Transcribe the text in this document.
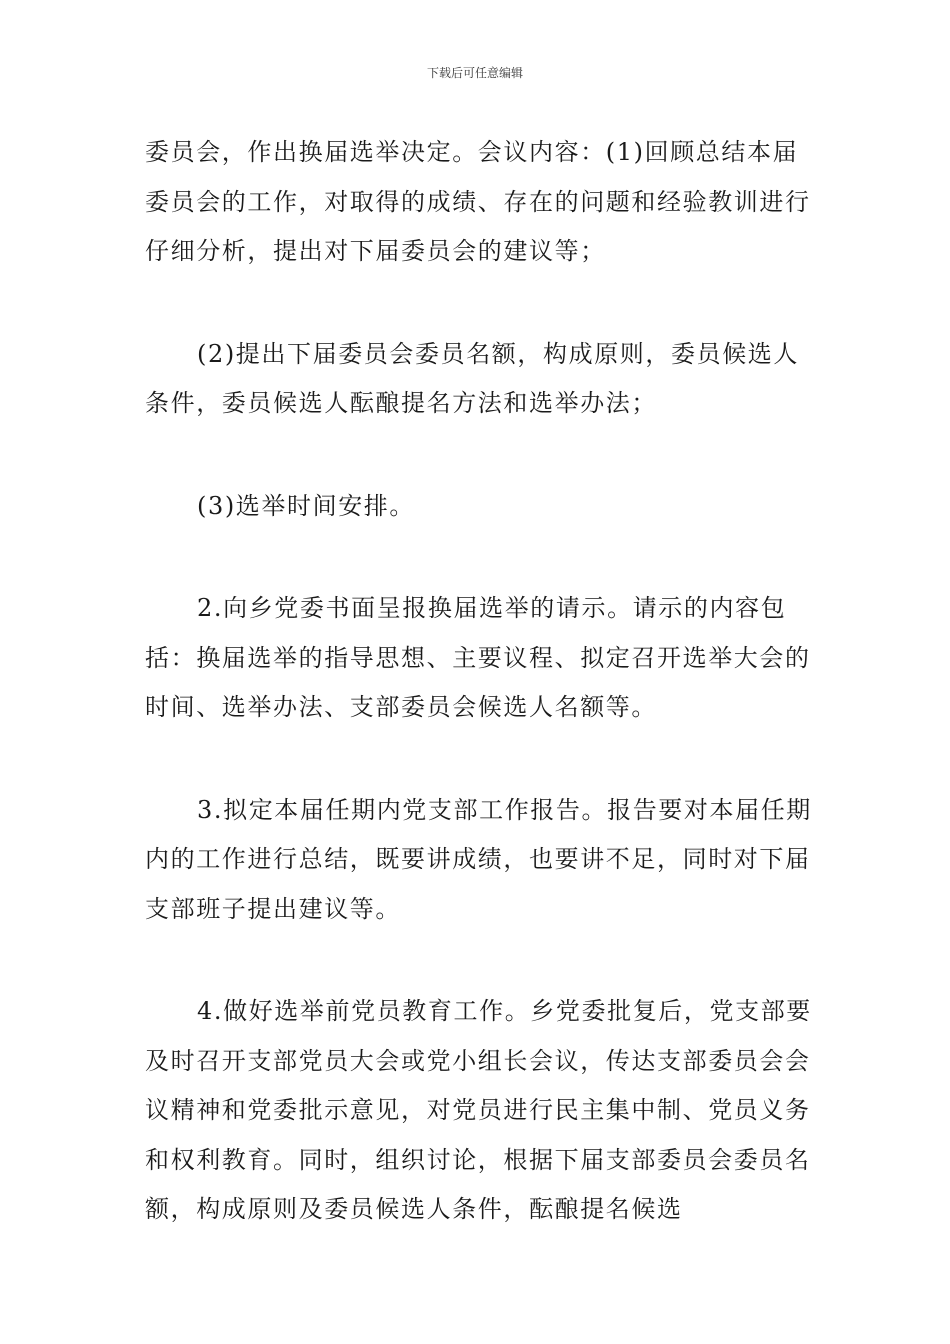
下载后可任意编辑

委员会，作出换届选举决定。会议内容：(1)回顾总结本届委员会的工作，对取得的成绩、存在的问题和经验教训进行仔细分析，提出对下届委员会的建议等；

(2)提出下届委员会委员名额，构成原则，委员候选人条件，委员候选人酝酿提名方法和选举办法；

(3)选举时间安排。

2.向乡党委书面呈报换届选举的请示。请示的内容包括：换届选举的指导思想、主要议程、拟定召开选举大会的时间、选举办法、支部委员会候选人名额等。

3.拟定本届任期内党支部工作报告。报告要对本届任期内的工作进行总结，既要讲成绩，也要讲不足，同时对下届支部班子提出建议等。

4.做好选举前党员教育工作。乡党委批复后，党支部要及时召开支部党员大会或党小组长会议，传达支部委员会会议精神和党委批示意见，对党员进行民主集中制、党员义务和权利教育。同时，组织讨论，根据下届支部委员会委员名额，构成原则及委员候选人条件，酝酿提名候选
